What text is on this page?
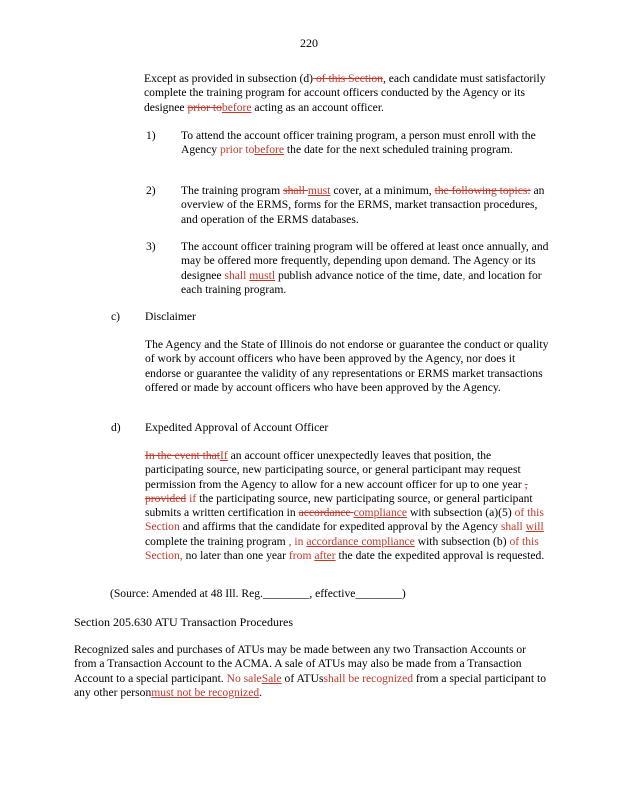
220
Except as provided in subsection (d) of this Section, each candidate must satisfactorily complete the training program for account officers conducted by the Agency or its designee prior tobefore acting as an account officer.
1)	To attend the account officer training program, a person must enroll with the Agency prior tobefore the date for the next scheduled training program.
2)	The training program shall must cover, at a minimum, the following topics: an overview of the ERMS, forms for the ERMS, market transaction procedures, and operation of the ERMS databases.
3)	The account officer training program will be offered at least once annually, and may be offered more frequently, depending upon demand. The Agency or its designee shall mustl publish advance notice of the time, date, and location for each training program.
c) Disclaimer
The Agency and the State of Illinois do not endorse or guarantee the conduct or quality of work by account officers who have been approved by the Agency, nor does it endorse or guarantee the validity of any representations or ERMS market transactions offered or made by account officers who have been approved by the Agency.
d) Expedited Approval of Account Officer
In the event thatIf an account officer unexpectedly leaves that position, the participating source, new participating source, or general participant may request permission from the Agency to allow for a new account officer for up to one year , provided if the participating source, new participating source, or general participant submits a written certification in accordance compliance with subsection (a)(5) of this Section and affirms that the candidate for expedited approval by the Agency shall will complete the training program , in accordance compliance with subsection (b) of this Section, no later than one year from after the date the expedited approval is requested.
(Source: Amended at 48 Ill. Reg.________, effective________)
Section 205.630 ATU Transaction Procedures
Recognized sales and purchases of ATUs may be made between any two Transaction Accounts or from a Transaction Account to the ACMA. A sale of ATUs may also be made from a Transaction Account to a special participant. No saleSale of ATUsshall be recognized from a special participant to any other personmust not be recognized.
